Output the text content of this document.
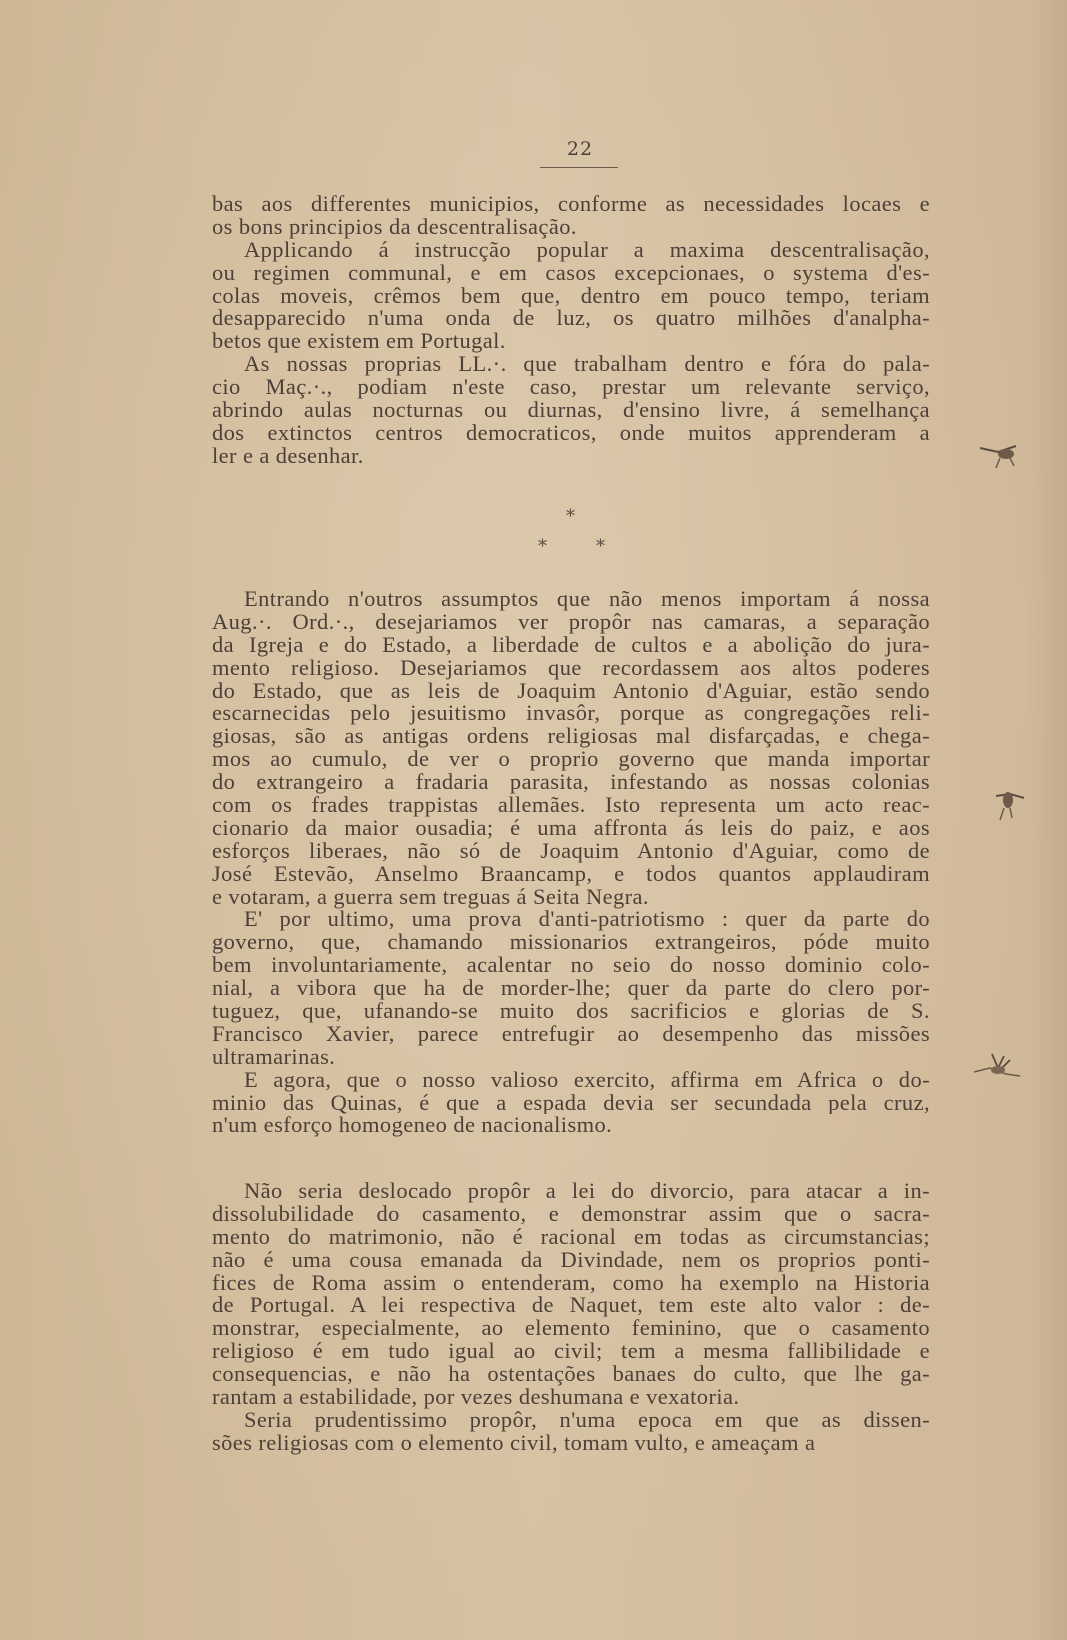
22
bas aos differentes municipios, conforme as necessidades locaes e
os bons principios da descentralisação.
Applicando á instrucção popular a maxima descentralisação,
ou regimen communal, e em casos excepcionaes, o systema d'es-
colas moveis, crêmos bem que, dentro em pouco tempo, teriam
desapparecido n'uma onda de luz, os quatro milhões d'analpha-
betos que existem em Portugal.
As nossas proprias LL.·. que trabalham dentro e fóra do pala-
cio Maç.·., podiam n'este caso, prestar um relevante serviço,
abrindo aulas nocturnas ou diurnas, d'ensino livre, á semelhança
dos extinctos centros democraticos, onde muitos apprenderam a
ler e a desenhar.
*
*	*
Entrando n'outros assumptos que não menos importam á nossa
Aug.·. Ord.·., desejariamos ver propôr nas camaras, a separação
da Igreja e do Estado, a liberdade de cultos e a abolição do jura-
mento religioso. Desejariamos que recordassem aos altos poderes
do Estado, que as leis de Joaquim Antonio d'Aguiar, estão sendo
escarnecidas pelo jesuitismo invasôr, porque as congregações reli-
giosas, são as antigas ordens religiosas mal disfarçadas, e chega-
mos ao cumulo, de ver o proprio governo que manda importar
do extrangeiro a fradaria parasita, infestando as nossas colonias
com os frades trappistas allemães. Isto representa um acto reac-
cionario da maior ousadia; é uma affronta ás leis do paiz, e aos
esforços liberaes, não só de Joaquim Antonio d'Aguiar, como de
José Estevão, Anselmo Braancamp, e todos quantos applaudiram
e votaram, a guerra sem treguas á Seita Negra.
E' por ultimo, uma prova d'anti-patriotismo : quer da parte do
governo, que, chamando missionarios extrangeiros, póde muito
bem involuntariamente, acalentar no seio do nosso dominio colo-
nial, a vibora que ha de morder-lhe; quer da parte do clero por-
tuguez, que, ufanando-se muito dos sacrificios e glorias de S.
Francisco Xavier, parece entrefugir ao desempenho das missões
ultramarinas.
E agora, que o nosso valioso exercito, affirma em Africa o do-
minio das Quinas, é que a espada devia ser secundada pela cruz,
n'um esforço homogeneo de nacionalismo.
Não seria deslocado propôr a lei do divorcio, para atacar a in-
dissolubilidade do casamento, e demonstrar assim que o sacra-
mento do matrimonio, não é racional em todas as circumstancias;
não é uma cousa emanada da Divindade, nem os proprios ponti-
fices de Roma assim o entenderam, como ha exemplo na Historia
de Portugal. A lei respectiva de Naquet, tem este alto valor : de-
monstrar, especialmente, ao elemento feminino, que o casamento
religioso é em tudo igual ao civil; tem a mesma fallibilidade e
consequencias, e não ha ostentações banaes do culto, que lhe ga-
rantam a estabilidade, por vezes deshumana e vexatoria.
Seria prudentissimo propôr, n'uma epoca em que as dissen-
sões religiosas com o elemento civil, tomam vulto, e ameaçam a
